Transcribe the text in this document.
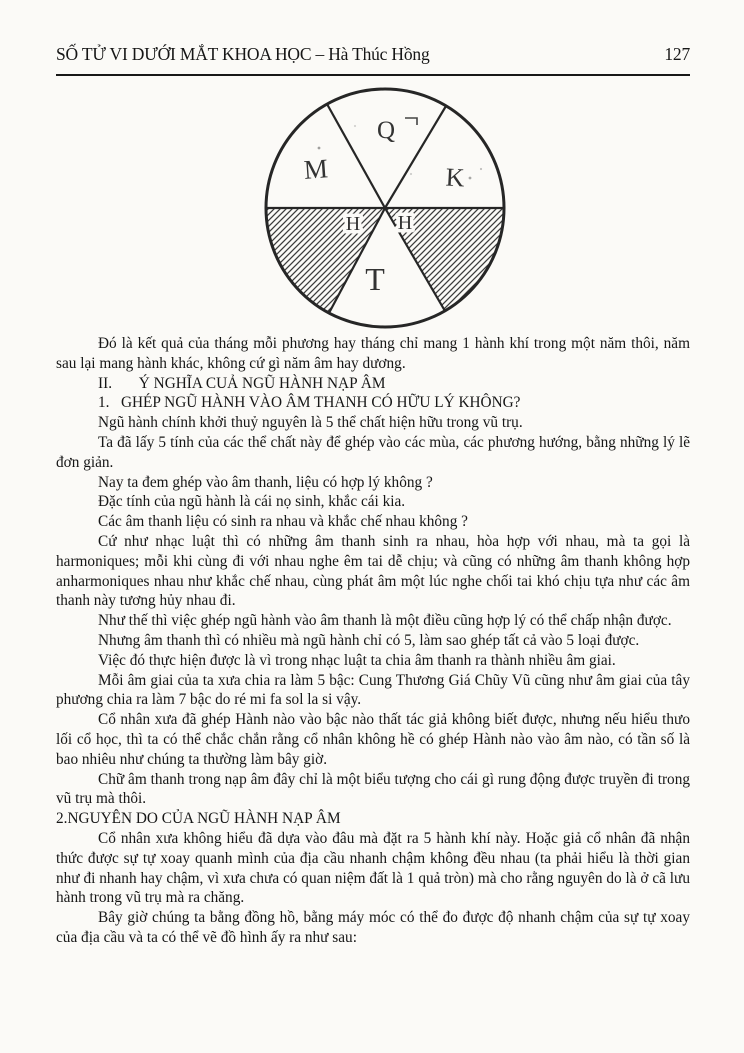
SỐ TỬ VI DƯỚI MẮT KHOA HỌC – Hà Thúc Hồng	127
M
Q
K
H H
T

Đó là kết quả của tháng mỗi phương hay tháng chỉ mang 1 hành khí trong một năm thôi, năm sau lại mang hành khác, không cứ gì năm âm hay dương.

II.       Ý NGHĨA CUẢ NGŨ HÀNH NẠP ÂM

1.   GHÉP NGŨ HÀNH VÀO ÂM THANH CÓ HỮU LÝ KHÔNG?

Ngũ hành chính khởi thuỷ nguyên là 5 thể chất hiện hữu trong vũ trụ.

Ta đã lấy 5 tính của các thể chất này để ghép vào các mùa, các phương hướng, bằng những lý lẽ đơn giản.

Nay ta đem ghép vào âm thanh, liệu có hợp lý không ?

Đặc tính của ngũ hành là cái nọ sinh, khắc cái kia.

Các âm thanh liệu có sinh ra nhau và khắc chế nhau không ?

Cứ như nhạc luật thì có những âm thanh sinh ra nhau, hòa hợp với nhau, mà ta gọi là harmoniques; mỗi khi cùng đi với nhau nghe êm tai dễ chịu; và cũng có những âm thanh không hợp anharmoniques nhau như khắc chế nhau, cùng phát âm một lúc nghe chối tai khó chịu tựa như các âm thanh này tương hủy nhau đi.

Như thế thì việc ghép ngũ hành vào âm thanh là một điều cũng hợp lý có thể chấp nhận được.

Nhưng âm thanh thì có nhiều mà ngũ hành chỉ có 5, làm sao ghép tất cả vào 5 loại được.

Việc đó thực hiện được là vì trong nhạc luật ta chia âm thanh ra thành nhiều âm giai.

Mỗi âm giai của ta xưa chia ra làm 5 bậc: Cung Thương Giá Chũy Vũ cũng như âm giai của tây phương chia ra làm 7 bậc do ré mi fa sol la si vậy.

Cổ nhân xưa đã ghép Hành nào vào bậc nào thất tác giả không biết được, nhưng nếu hiểu thưo lối cổ học, thì ta có thể chắc chắn rằng cổ nhân không hề có ghép Hành nào vào âm nào, có tần số là bao nhiêu như chúng ta thường làm bây giờ.

Chữ âm thanh trong nạp âm đây chỉ là một biểu tượng cho cái gì rung động được truyền đi trong vũ trụ mà thôi.

2.NGUYÊN DO CỦA NGŨ HÀNH NẠP ÂM

Cổ nhân xưa không hiểu đã dựa vào đâu mà đặt ra 5 hành khí này. Hoặc giả cổ nhân đã nhận thức được sự tự xoay quanh mình của địa cầu nhanh chậm không đều nhau (ta phải hiểu là thời gian như đi nhanh hay chậm, vì xưa chưa có quan niệm đất là 1 quả tròn) mà cho rằng nguyên do là ở cã lưu hành trong vũ trụ mà ra chăng.

Bây giờ chúng ta bằng đồng hồ, bằng máy móc có thể đo được độ nhanh chậm của sự tự xoay của địa cầu và ta có thể vẽ đồ hình ấy ra như sau:
